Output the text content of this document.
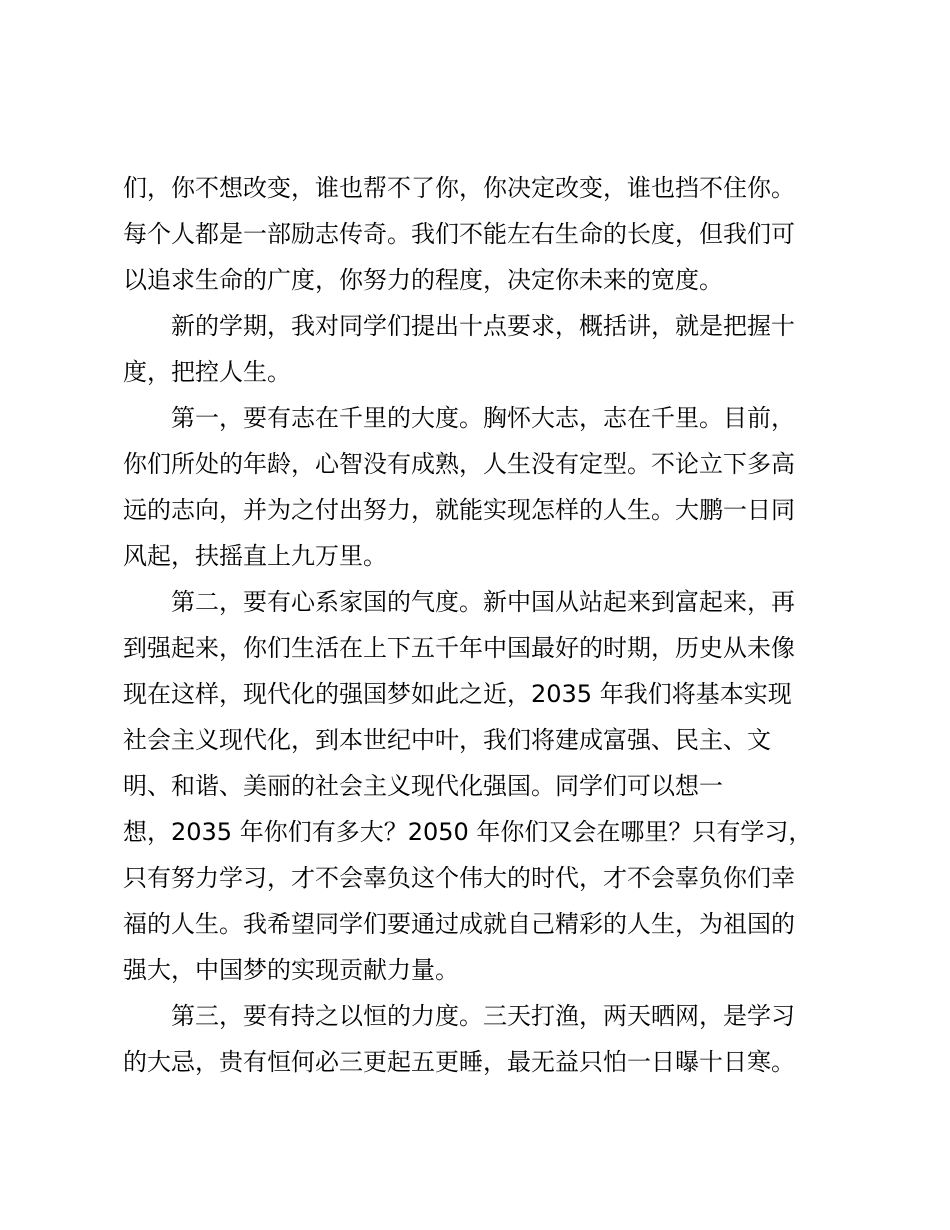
们，你不想改变，谁也帮不了你，你决定改变，谁也挡不住你。
每个人都是一部励志传奇。我们不能左右生命的长度，但我们可
以追求生命的广度，你努力的程度，决定你未来的宽度。
新的学期，我对同学们提出十点要求，概括讲，就是把握十
度，把控人生。
第一，要有志在千里的大度。胸怀大志，志在千里。目前，
你们所处的年龄，心智没有成熟，人生没有定型。不论立下多高
远的志向，并为之付出努力，就能实现怎样的人生。大鹏一日同
风起，扶摇直上九万里。
第二，要有心系家国的气度。新中国从站起来到富起来，再
到强起来，你们生活在上下五千年中国最好的时期，历史从未像
现在这样，现代化的强国梦如此之近，2035 年我们将基本实现
社会主义现代化，到本世纪中叶，我们将建成富强、民主、文
明、和谐、美丽的社会主义现代化强国。同学们可以想一
想，2035 年你们有多大？2050 年你们又会在哪里？只有学习，
只有努力学习，才不会辜负这个伟大的时代，才不会辜负你们幸
福的人生。我希望同学们要通过成就自己精彩的人生，为祖国的
强大，中国梦的实现贡献力量。
第三，要有持之以恒的力度。三天打渔，两天晒网，是学习
的大忌，贵有恒何必三更起五更睡，最无益只怕一日曝十日寒。
